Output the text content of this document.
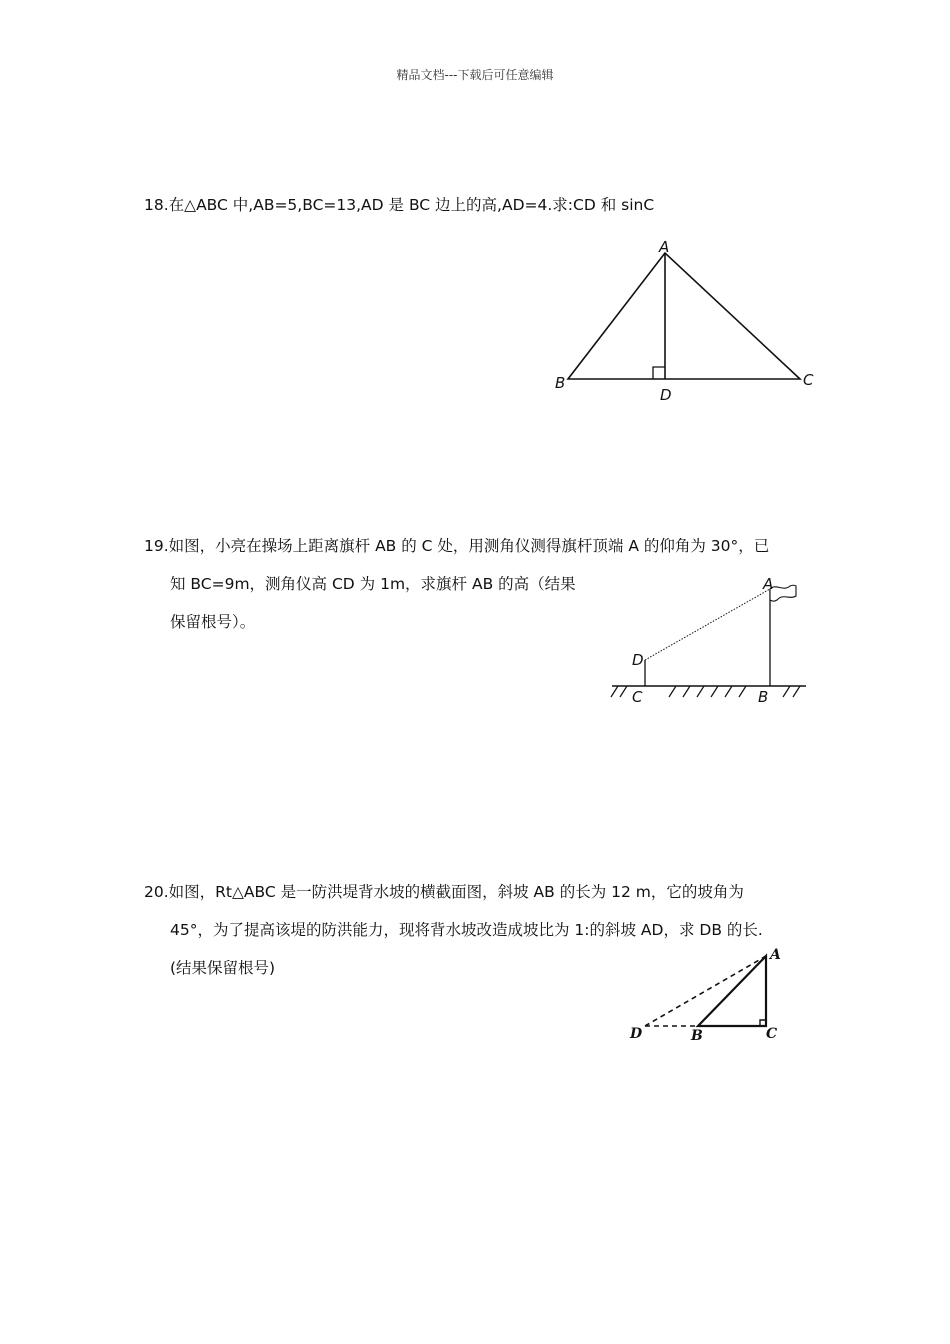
精品文档---下载后可任意编辑
18.在△ABC 中,AB=5,BC=13,AD 是 BC 边上的高,AD=4.求:CD 和 sinC
A
B	C
D
19.如图，小亮在操场上距离旗杆 AB 的 C 处，用测角仪测得旗杆顶端 A 的仰角为 30°，已
知 BC=9m，测角仪高 CD 为 1m，求旗杆 AB 的高（结果
保留根号）。
A
D
C	B
20.如图，Rt△ABC 是一防洪堤背水坡的横截面图，斜坡 AB 的长为 12 m，它的坡角为
45°，为了提高该堤的防洪能力，现将背水坡改造成坡比为 1:的斜坡 AD，求 DB 的长.
(结果保留根号)
A
D	B	C
